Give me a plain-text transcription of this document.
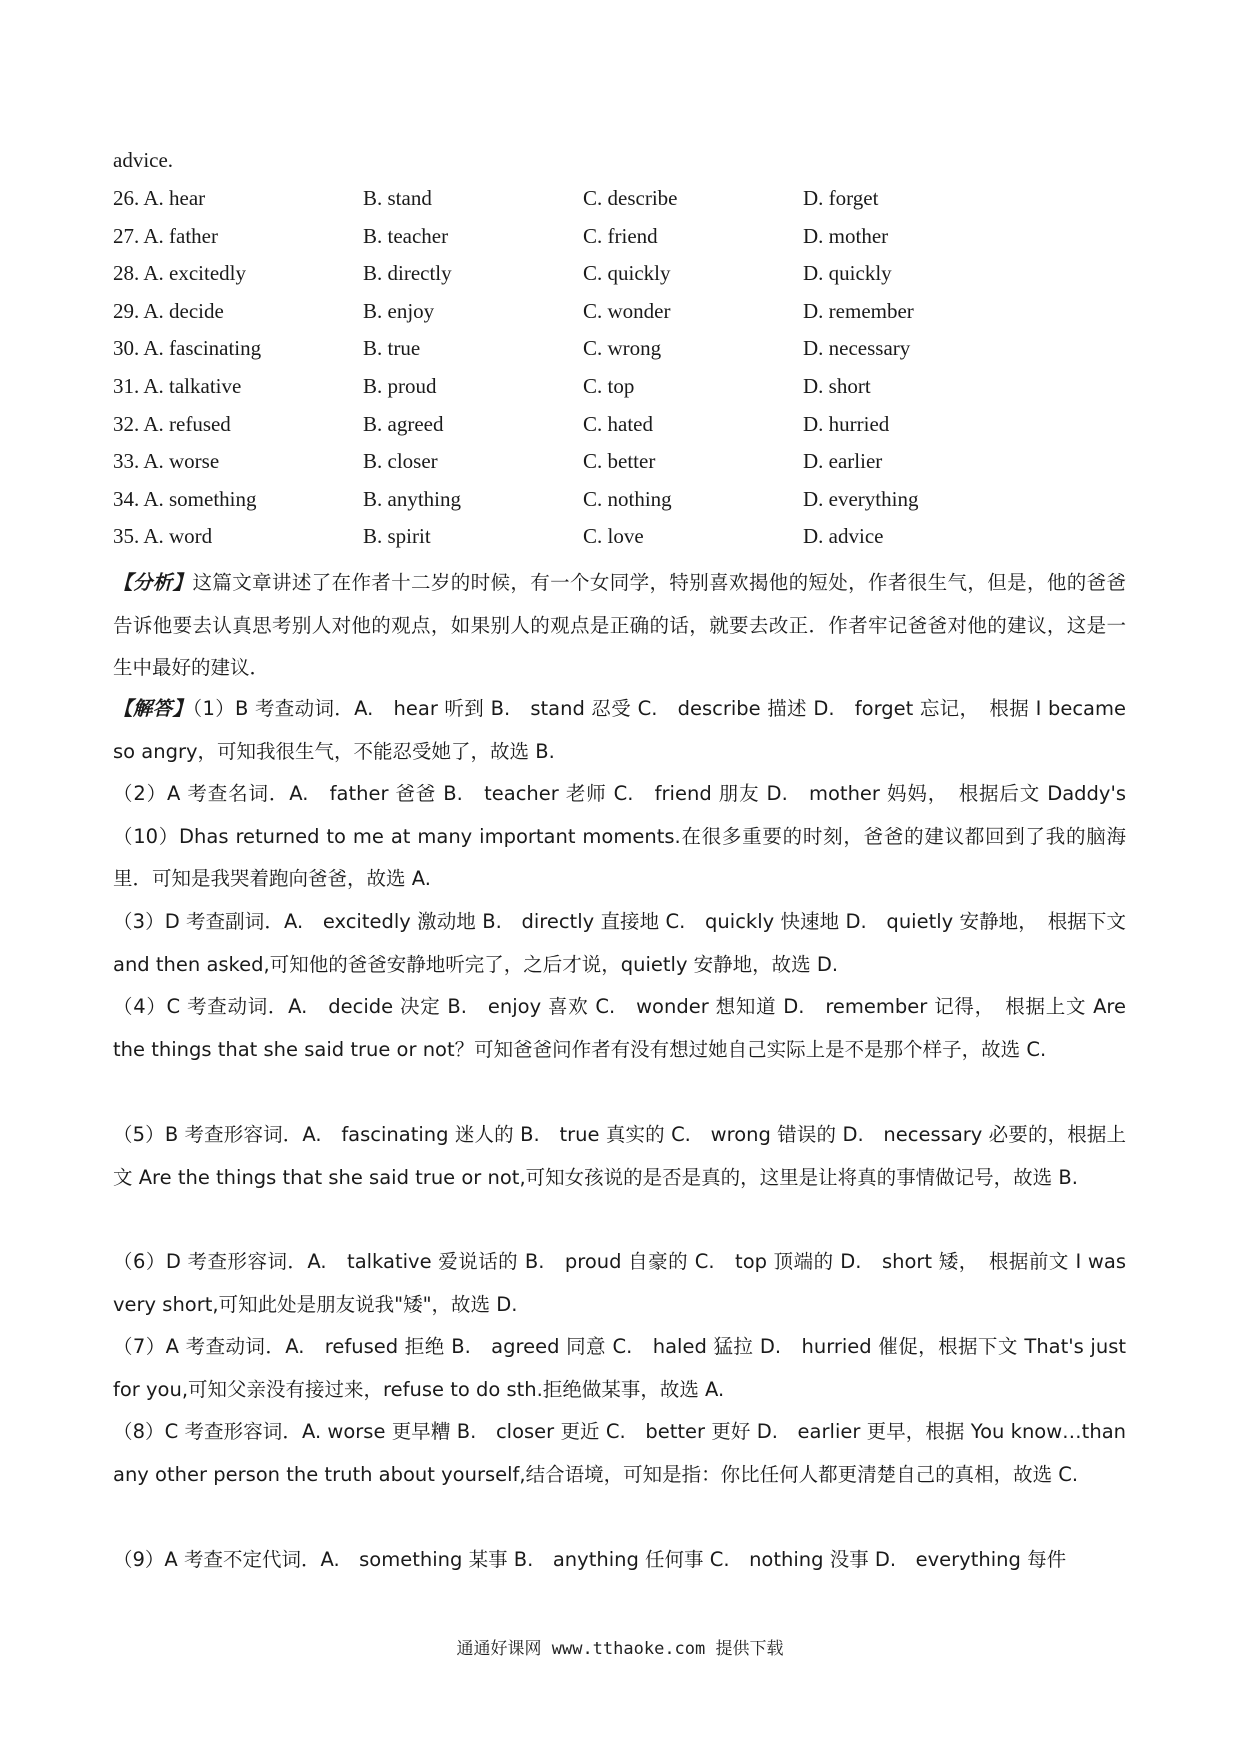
advice.
26. A. hear	B. stand	C. describe	D. forget
27. A. father	B. teacher	C. friend	D. mother
28. A. excitedly	B. directly	C. quickly	D. quickly
29. A. decide	B. enjoy	C. wonder	D. remember
30. A. fascinating	B. true	C. wrong	D. necessary
31. A. talkative	B. proud	C. top	D. short
32. A. refused	B. agreed	C. hated	D. hurried
33. A. worse	B. closer	C. better	D. earlier
34. A. something	B. anything	C. nothing	D. everything
35. A. word	B. spirit	C. love	D. advice

【分析】这篇文章讲述了在作者十二岁的时候，有一个女同学，特别喜欢揭他的短处，作者很生气，但是，他的爸爸告诉他要去认真思考别人对他的观点，如果别人的观点是正确的话，就要去改正．作者牢记爸爸对他的建议，这是一生中最好的建议．

【解答】（1）B 考查动词．A.　hear 听到 B.　stand 忍受 C.　describe 描述 D.　forget 忘记，　根据 I became so angry，可知我很生气，不能忍受她了，故选 B.

（2）A 考查名词．A.　father 爸爸 B.　teacher 老师 C.　friend 朋友 D.　mother 妈妈，　根据后文 Daddy's（10）Dhas returned to me at many important moments.在很多重要的时刻，爸爸的建议都回到了我的脑海里．可知是我哭着跑向爸爸，故选 A.

（3）D 考查副词．A.　excitedly 激动地 B.　directly 直接地 C.　quickly 快速地 D.　quietly 安静地，　根据下文 and then asked,可知他的爸爸安静地听完了，之后才说，quietly 安静地，故选 D.

（4）C 考查动词．A.　decide 决定 B.　enjoy 喜欢 C.　wonder 想知道 D.　remember 记得，　根据上文 Are the things that she said true or not？可知爸爸问作者有没有想过她自己实际上是不是那个样子，故选 C.

（5）B 考查形容词．A.　fascinating 迷人的 B.　true 真实的 C.　wrong 错误的 D.　necessary 必要的，根据上文 Are the things that she said true or not,可知女孩说的是否是真的，这里是让将真的事情做记号，故选 B.

（6）D 考查形容词．A.　talkative 爱说话的 B.　proud 自豪的 C.　top 顶端的 D.　short 矮，　根据前文 I was very short,可知此处是朋友说我"矮"，故选 D.

（7）A 考查动词．A.　refused 拒绝 B.　agreed 同意 C.　haled 猛拉 D.　hurried 催促，根据下文 That's just for you,可知父亲没有接过来，refuse to do sth.拒绝做某事，故选 A.

（8）C 考查形容词．A. worse 更早糟 B.　closer 更近 C.　better 更好 D.　earlier 更早，根据 You know…than any other person the truth about yourself,结合语境，可知是指：你比任何人都更清楚自己的真相，故选 C.

（9）A 考查不定代词．A.　something 某事 B.　anything 任何事 C.　nothing 没事 D.　everything 每件

通通好课网 www.tthaoke.com 提供下载
